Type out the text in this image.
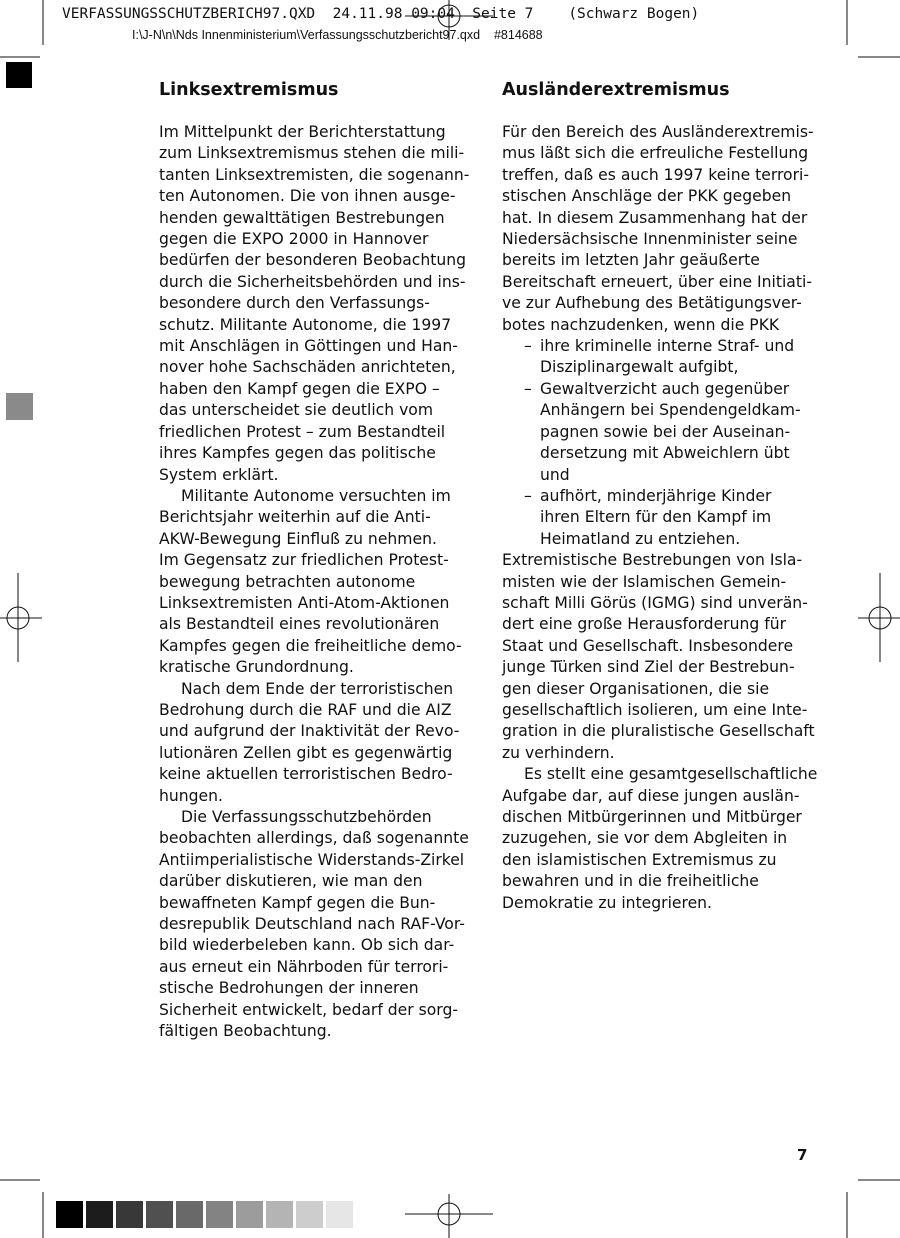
VERFASSUNGSSCHUTZBERICH97.QXD  24.11.98 09:04  Seite 7    (Schwarz Bogen)
I:\J-N\n\Nds Innenministerium\Verfassungsschutzbericht97.qxd    #814688
Linksextremismus
Im Mittelpunkt der Berichterstattung
zum Linksextremismus stehen die mili-
tanten Linksextremisten, die sogenann-
ten Autonomen. Die von ihnen ausge-
henden gewalttätigen Bestrebungen
gegen die EXPO 2000 in Hannover
bedürfen der besonderen Beobachtung
durch die Sicherheitsbehörden und ins-
besondere durch den Verfassungs-
schutz. Militante Autonome, die 1997
mit Anschlägen in Göttingen und Han-
nover hohe Sachschäden anrichteten,
haben den Kampf gegen die EXPO –
das unterscheidet sie deutlich vom
friedlichen Protest – zum Bestandteil
ihres Kampfes gegen das politische
System erklärt.
Militante Autonome versuchten im
Berichtsjahr weiterhin auf die Anti-
AKW-Bewegung Einfluß zu nehmen.
Im Gegensatz zur friedlichen Protest-
bewegung betrachten autonome
Linksextremisten Anti-Atom-Aktionen
als Bestandteil eines revolutionären
Kampfes gegen die freiheitliche demo-
kratische Grundordnung.
Nach dem Ende der terroristischen
Bedrohung durch die RAF und die AIZ
und aufgrund der Inaktivität der Revo-
lutionären Zellen gibt es gegenwärtig
keine aktuellen terroristischen Bedro-
hungen.
Die Verfassungsschutzbehörden
beobachten allerdings, daß sogenannte
Antiimperialistische Widerstands-Zirkel
darüber diskutieren, wie man den
bewaffneten Kampf gegen die Bun-
desrepublik Deutschland nach RAF-Vor-
bild wiederbeleben kann. Ob sich dar-
aus erneut ein Nährboden für terrori-
stische Bedrohungen der inneren
Sicherheit entwickelt, bedarf der sorg-
fältigen Beobachtung.
Ausländerextremismus
Für den Bereich des Ausländerextremis-
mus läßt sich die erfreuliche Festellung
treffen, daß es auch 1997 keine terrori-
stischen Anschläge der PKK gegeben
hat. In diesem Zusammenhang hat der
Niedersächsische Innenminister seine
bereits im letzten Jahr geäußerte
Bereitschaft erneuert, über eine Initiati-
ve zur Aufhebung des Betätigungsver-
botes nachzudenken, wenn die PKK
– ihre kriminelle interne Straf- und
Disziplinargewalt aufgibt,
– Gewaltverzicht auch gegenüber
Anhängern bei Spendengeldkam-
pagnen sowie bei der Auseinan-
dersetzung mit Abweichlern übt
und
– aufhört, minderjährige Kinder
ihren Eltern für den Kampf im
Heimatland zu entziehen.
Extremistische Bestrebungen von Isla-
misten wie der Islamischen Gemein-
schaft Milli Görüs (IGMG) sind unverän-
dert eine große Herausforderung für
Staat und Gesellschaft. Insbesondere
junge Türken sind Ziel der Bestrebun-
gen dieser Organisationen, die sie
gesellschaftlich isolieren, um eine Inte-
gration in die pluralistische Gesellschaft
zu verhindern.
Es stellt eine gesamtgesellschaftliche
Aufgabe dar, auf diese jungen auslän-
dischen Mitbürgerinnen und Mitbürger
zuzugehen, sie vor dem Abgleiten in
den islamistischen Extremismus zu
bewahren und in die freiheitliche
Demokratie zu integrieren.
7
